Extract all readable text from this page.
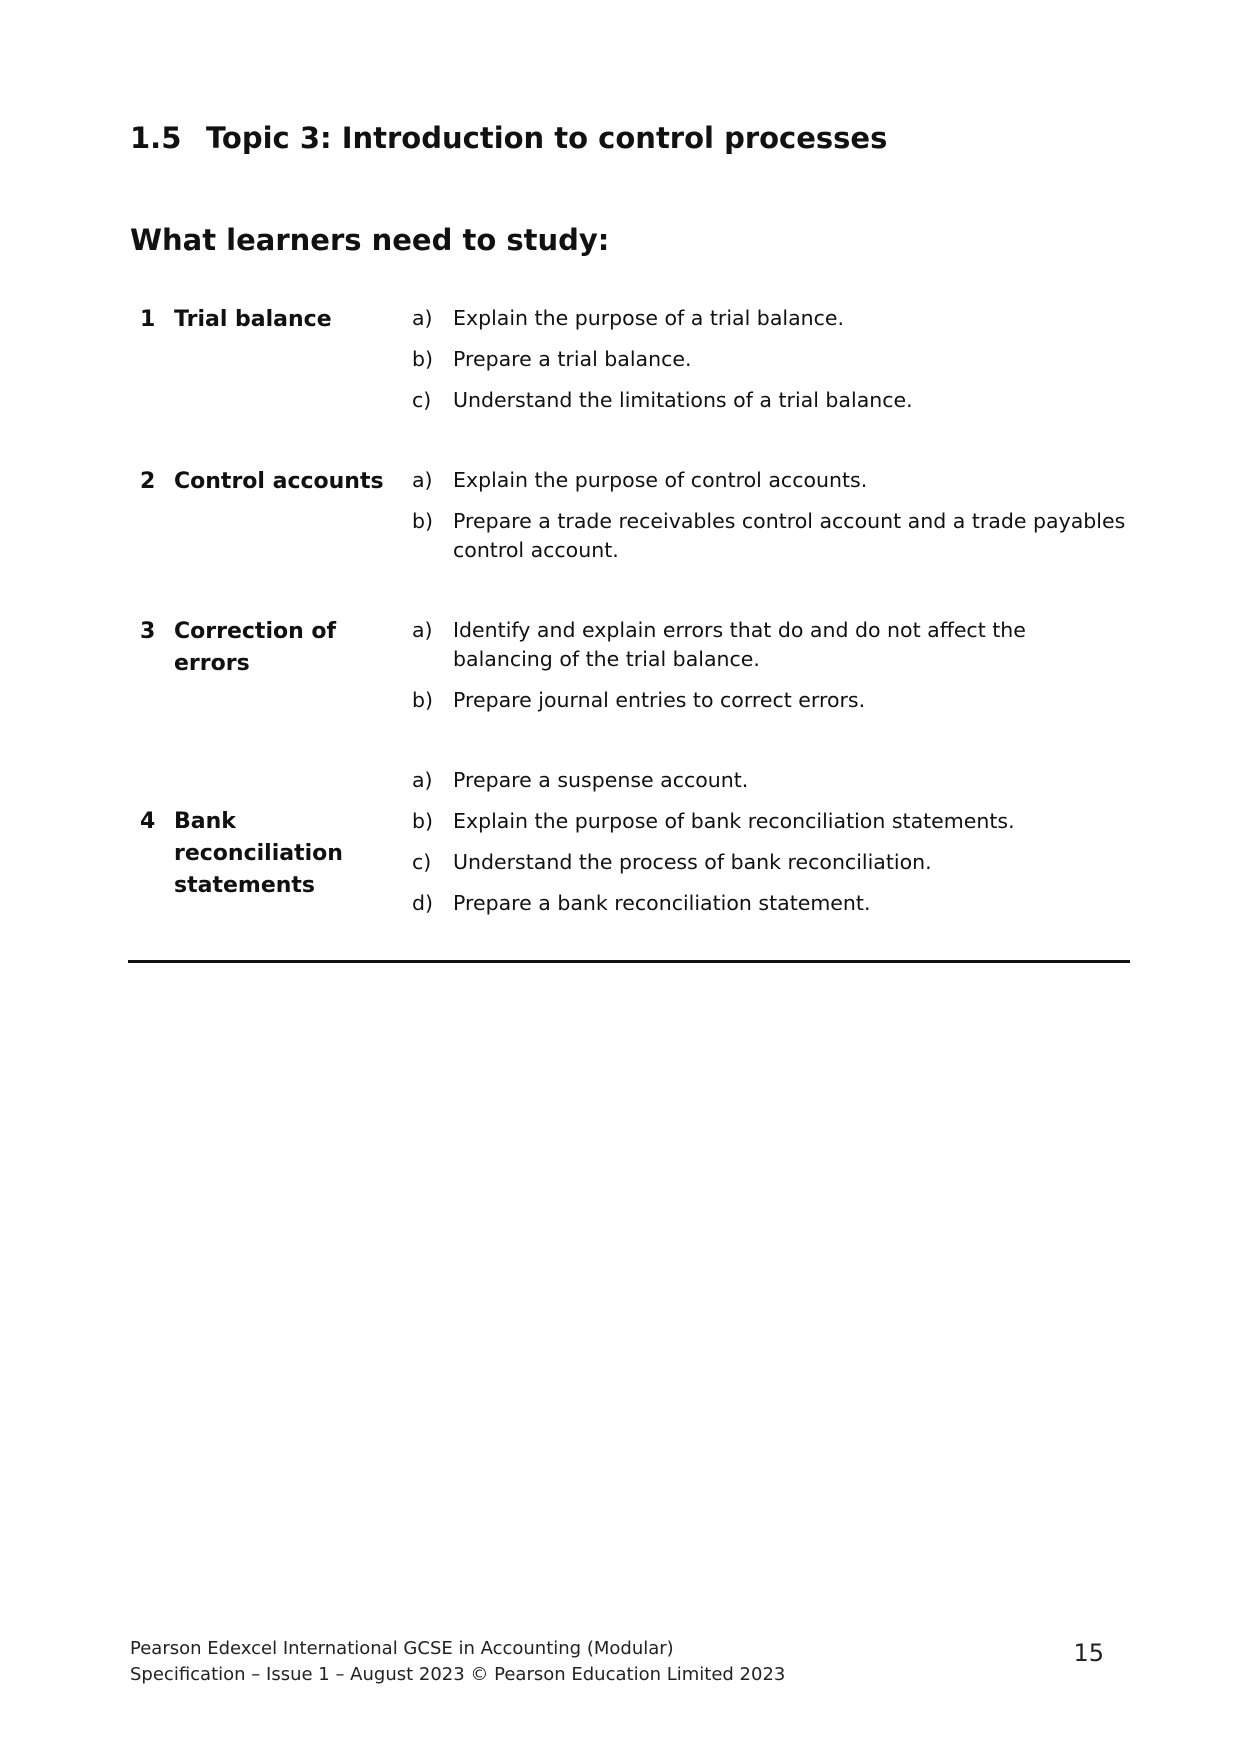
1.5 Topic 3: Introduction to control processes
What learners need to study:
1 Trial balance	a) Explain the purpose of a trial balance.
b) Prepare a trial balance.
c)	Understand the limitations of a trial balance.
2 Control accounts	a) Explain the purpose of control accounts.
b) Prepare a trade receivables control account and a trade payables control account.
3 Correction of errors
a) Identify and explain errors that do and do not affect the balancing of the trial balance.
b) Prepare journal entries to correct errors.
4 Bank reconciliation statements
a) Prepare a suspense account.
b) Explain the purpose of bank reconciliation statements.
c)	Understand the process of bank reconciliation.
d) Prepare a bank reconciliation statement.
Pearson Edexcel International GCSE in Accounting (Modular)
Specification – Issue 1 – August 2023 © Pearson Education Limited 2023
15
